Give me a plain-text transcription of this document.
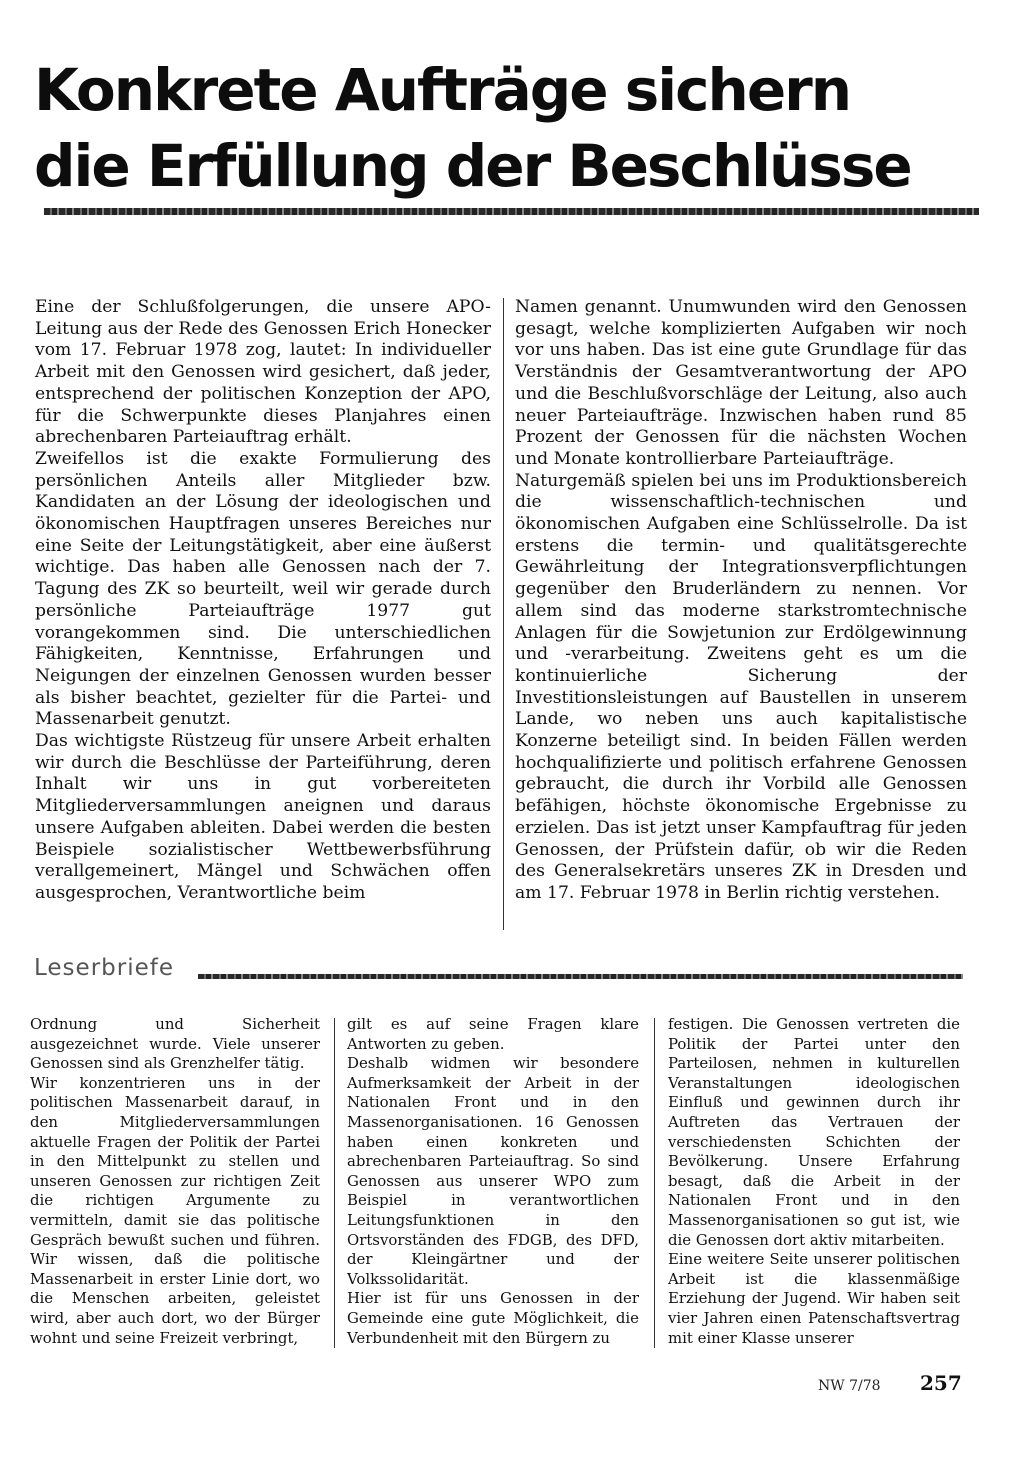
Konkrete Aufträge sichern
die Erfüllung der Beschlüsse

Eine der Schlußfolgerungen, die unsere APO-Leitung aus der Rede des Genossen Erich Honecker vom 17. Februar 1978 zog, lautet: In individueller Arbeit mit den Genossen wird gesichert, daß jeder, entsprechend der politischen Konzeption der APO, für die Schwerpunkte dieses Planjahres einen abrechenbaren Parteiauftrag erhält.

Zweifellos ist die exakte Formulierung des persönlichen Anteils aller Mitglieder bzw. Kandidaten an der Lösung der ideologischen und ökonomischen Hauptfragen unseres Bereiches nur eine Seite der Leitungstätigkeit, aber eine äußerst wichtige. Das haben alle Genossen nach der 7. Tagung des ZK so beurteilt, weil wir gerade durch persönliche Parteiaufträge 1977 gut vorangekommen sind. Die unterschiedlichen Fähigkeiten, Kenntnisse, Erfahrungen und Neigungen der einzelnen Genossen wurden besser als bisher beachtet, gezielter für die Partei- und Massenarbeit genutzt.

Das wichtigste Rüstzeug für unsere Arbeit erhalten wir durch die Beschlüsse der Parteiführung, deren Inhalt wir uns in gut vorbereiteten Mitgliederversammlungen aneignen und daraus unsere Aufgaben ableiten. Dabei werden die besten Beispiele sozialistischer Wettbewerbsführung verallgemeinert, Mängel und Schwächen offen ausgesprochen, Verantwortliche beim

Namen genannt. Unumwunden wird den Genossen gesagt, welche komplizierten Aufgaben wir noch vor uns haben. Das ist eine gute Grundlage für das Verständnis der Gesamtverantwortung der APO und die Beschlußvorschläge der Leitung, also auch neuer Parteiaufträge. Inzwischen haben rund 85 Prozent der Genossen für die nächsten Wochen und Monate kontrollierbare Parteiaufträge.

Naturgemäß spielen bei uns im Produktionsbereich die wissenschaftlich-technischen und ökonomischen Aufgaben eine Schlüsselrolle. Da ist erstens die termin- und qualitätsgerechte Gewährleitung der Integrationsverpflichtungen gegenüber den Bruderländern zu nennen. Vor allem sind das moderne starkstromtechnische Anlagen für die Sowjetunion zur Erdölgewinnung und -verarbeitung. Zweitens geht es um die kontinuierliche Sicherung der Investitionsleistungen auf Baustellen in unserem Lande, wo neben uns auch kapitalistische Konzerne beteiligt sind. In beiden Fällen werden hochqualifizierte und politisch erfahrene Genossen gebraucht, die durch ihr Vorbild alle Genossen befähigen, höchste ökonomische Ergebnisse zu erzielen. Das ist jetzt unser Kampfauftrag für jeden Genossen, der Prüfstein dafür, ob wir die Reden des Generalsekretärs unseres ZK in Dresden und am 17. Februar 1978 in Berlin richtig verstehen.

Leserbriefe

Ordnung und Sicherheit ausgezeichnet wurde. Viele unserer Genossen sind als Grenzhelfer tätig.

Wir konzentrieren uns in der politischen Massenarbeit darauf, in den Mitgliederversammlungen aktuelle Fragen der Politik der Partei in den Mittelpunkt zu stellen und unseren Genossen zur richtigen Zeit die richtigen Argumente zu vermitteln, damit sie das politische Gespräch bewußt suchen und führen. Wir wissen, daß die politische Massenarbeit in erster Linie dort, wo die Menschen arbeiten, geleistet wird, aber auch dort, wo der Bürger wohnt und seine Freizeit verbringt,

gilt es auf seine Fragen klare Antworten zu geben.

Deshalb widmen wir besondere Aufmerksamkeit der Arbeit in der Nationalen Front und in den Massenorganisationen. 16 Genossen haben einen konkreten und abrechenbaren Parteiauftrag. So sind Genossen aus unserer WPO zum Beispiel in verantwortlichen Leitungsfunktionen in den Ortsvorständen des FDGB, des DFD, der Kleingärtner und der Volkssolidarität.

Hier ist für uns Genossen in der Gemeinde eine gute Möglichkeit, die Verbundenheit mit den Bürgern zu

festigen. Die Genossen vertreten die Politik der Partei unter den Parteilosen, nehmen in kulturellen Veranstaltungen ideologischen Einfluß und gewinnen durch ihr Auftreten das Vertrauen der verschiedensten Schichten der Bevölkerung. Unsere Erfahrung besagt, daß die Arbeit in der Nationalen Front und in den Massenorganisationen so gut ist, wie die Genossen dort aktiv mitarbeiten.

Eine weitere Seite unserer politischen Arbeit ist die klassenmäßige Erziehung der Jugend. Wir haben seit vier Jahren einen Patenschaftsvertrag mit einer Klasse unserer

NW 7/78 257
